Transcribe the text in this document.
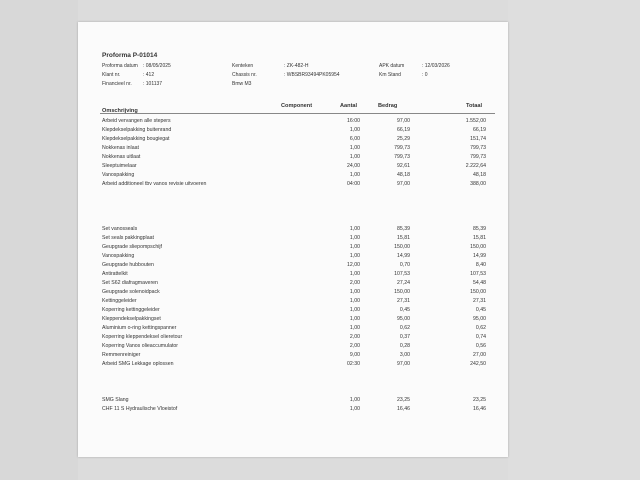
Proforma P-01014
Proforma datum : 08/05/2025	Kenteken	: ZK-482-H	APK datum	: 12/03/2026
Klant nr.	: 412	Chassis nr.	: WBSBR93494PK05954	Km Stand	: 0
Financieel nr. : 101137	Bmw M3
Omschrijving
Component	Aantal	Bedrag	Totaal
Arbeid vervangen alle stepers	16:00	97,00	1.552,00
Klepdekselpakking buitenrand	1,00	66,19	66,19
Klepdekselpakking bougiegat	6,00	25,29	151,74
Nokkenas inlaat	1,00	799,73	799,73
Nokkenas uitlaat	1,00	799,73	799,73
Sleeptuimelaar	24,00	92,61	2.222,64
Vanospakking	1,00	48,18	48,18
Arbeid additioneel tbv vanos revisie uitvoeren	04:00	97,00	388,00
Set vanosseals	1,00	85,39	85,39
Set seals pakkingplaat	1,00	15,81	15,81
Geupgrade sliepompschijf	1,00	150,00	150,00
Vanospakking	1,00	14,99	14,99
Geupgrade hubbouten	12,00	0,70	8,40
Antirattelkit	1,00	107,53	107,53
Set S62 diafragmaveren	2,00	27,24	54,48
Geupgrade solenoidpack	1,00	150,00	150,00
Kettinggeleider	1,00	27,31	27,31
Koperring kettinggeleider	1,00	0,45	0,45
Kleppendekselpakkingset	1,00	95,00	95,00
Aluminium o-ring kettingspanner	1,00	0,62	0,62
Koperring kleppendeksel olieretour	2,00	0,37	0,74
Koperring Vanos olieaccumulator	2,00	0,28	0,56
Remmenreiniger	9,00	3,00	27,00
Arbeid SMG Lekkage oplossen	02:30	97,00	242,50
SMG Slang	1,00	23,25	23,25
CHF 11 S Hydraulische Vloeistof	1,00	16,46	16,46
